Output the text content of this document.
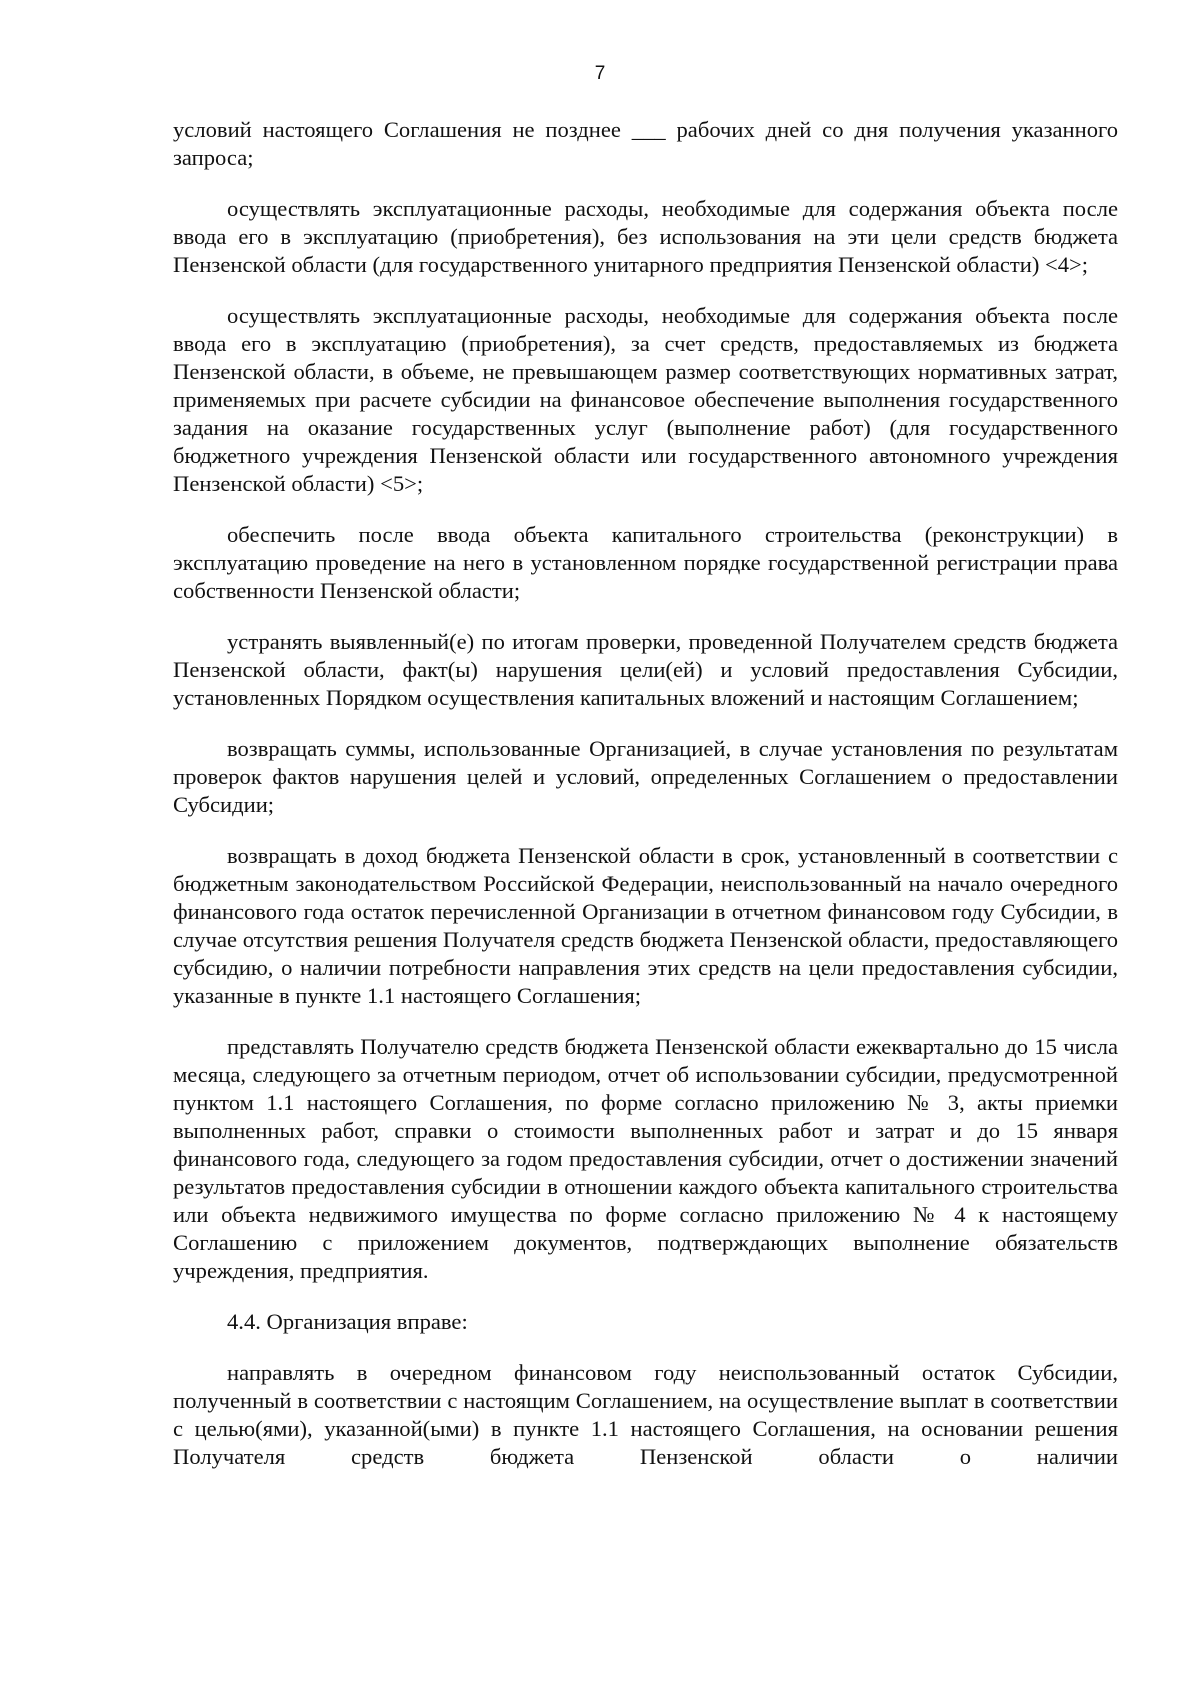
7

условий настоящего Соглашения не позднее ___ рабочих дней со дня получения указанного запроса;

осуществлять эксплуатационные расходы, необходимые для содержания объекта после ввода его в эксплуатацию (приобретения), без использования на эти цели средств бюджета Пензенской области (для государственного унитарного предприятия Пензенской области) <4>;

осуществлять эксплуатационные расходы, необходимые для содержания объекта после ввода его в эксплуатацию (приобретения), за счет средств, предоставляемых из бюджета Пензенской области, в объеме, не превышающем размер соответствующих нормативных затрат, применяемых при расчете субсидии на финансовое обеспечение выполнения государственного задания на оказание государственных услуг (выполнение работ) (для государственного бюджетного учреждения Пензенской области или государственного автономного учреждения Пензенской области) <5>;

обеспечить после ввода объекта капитального строительства (реконструкции) в эксплуатацию проведение на него в установленном порядке государственной регистрации права собственности Пензенской области;

устранять выявленный(е) по итогам проверки, проведенной Получателем средств бюджета Пензенской области, факт(ы) нарушения цели(ей) и условий предоставления Субсидии, установленных Порядком осуществления капитальных вложений и настоящим Соглашением;

возвращать суммы, использованные Организацией, в случае установления по результатам проверок фактов нарушения целей и условий, определенных Соглашением о предоставлении Субсидии;

возвращать в доход бюджета Пензенской области в срок, установленный в соответствии с бюджетным законодательством Российской Федерации, неиспользованный на начало очередного финансового года остаток перечисленной Организации в отчетном финансовом году Субсидии, в случае отсутствия решения Получателя средств бюджета Пензенской области, предоставляющего субсидию, о наличии потребности направления этих средств на цели предоставления субсидии, указанные в пункте 1.1 настоящего Соглашения;

представлять Получателю средств бюджета Пензенской области ежеквартально до 15 числа месяца, следующего за отчетным периодом, отчет об использовании субсидии, предусмотренной пунктом 1.1 настоящего Соглашения, по форме согласно приложению № 3, акты приемки выполненных работ, справки о стоимости выполненных работ и затрат и до 15 января финансового года, следующего за годом предоставления субсидии, отчет о достижении значений результатов предоставления субсидии в отношении каждого объекта капитального строительства или объекта недвижимого имущества по форме согласно приложению № 4 к настоящему Соглашению с приложением документов, подтверждающих выполнение обязательств учреждения, предприятия.

4.4. Организация вправе:

направлять в очередном финансовом году неиспользованный остаток Субсидии, полученный в соответствии с настоящим Соглашением, на осуществление выплат в соответствии с целью(ями), указанной(ыми) в пункте 1.1 настоящего Соглашения, на основании решения Получателя средств бюджета Пензенской области о наличии
